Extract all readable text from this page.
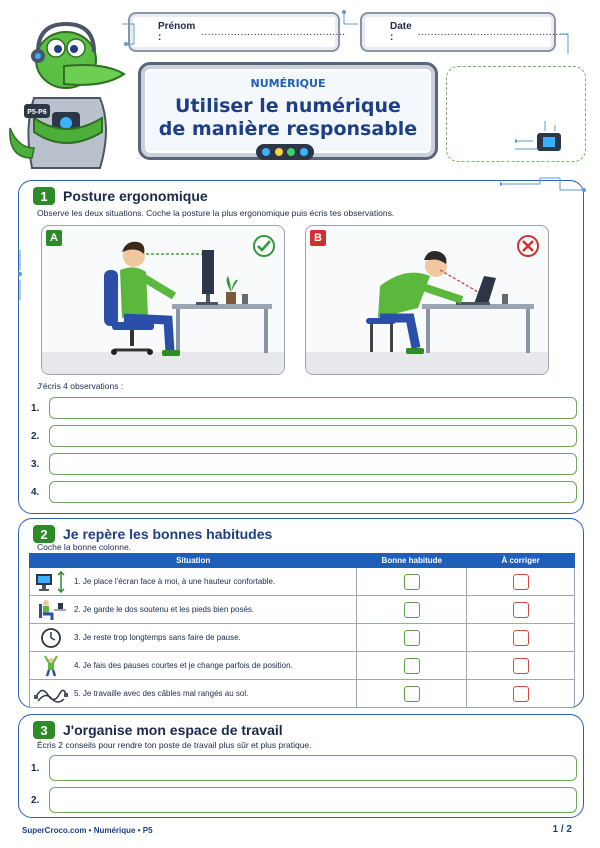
P5-P6
Prénom :	............................................	Date :	..............................................
NUMÉRIQUE
Utiliser le numérique
de manière responsable
1	Posture ergonomique
Observe les deux situations. Coche la posture la plus ergonomique puis écris tes observations.
A	B
J'écris 4 observations :
1.
2.
3.
4.
2	Je repère les bonnes habitudes
Coche la bonne colonne.
Situation	Bonne habitude	À corriger

1. Je place l'écran face à moi, à une hauteur confortable.		

2. Je garde le dos soutenu et les pieds bien posés.		

3. Je reste trop longtemps sans faire de pause.		

4. Je fais des pauses courtes et je change parfois de position.		

5. Je travaille avec des câbles mal rangés au sol.		

3	J'organise mon espace de travail
Écris 2 conseils pour rendre ton poste de travail plus sûr et plus pratique.
1.
2.
SuperCroco.com • Numérique • P5	1 / 2
